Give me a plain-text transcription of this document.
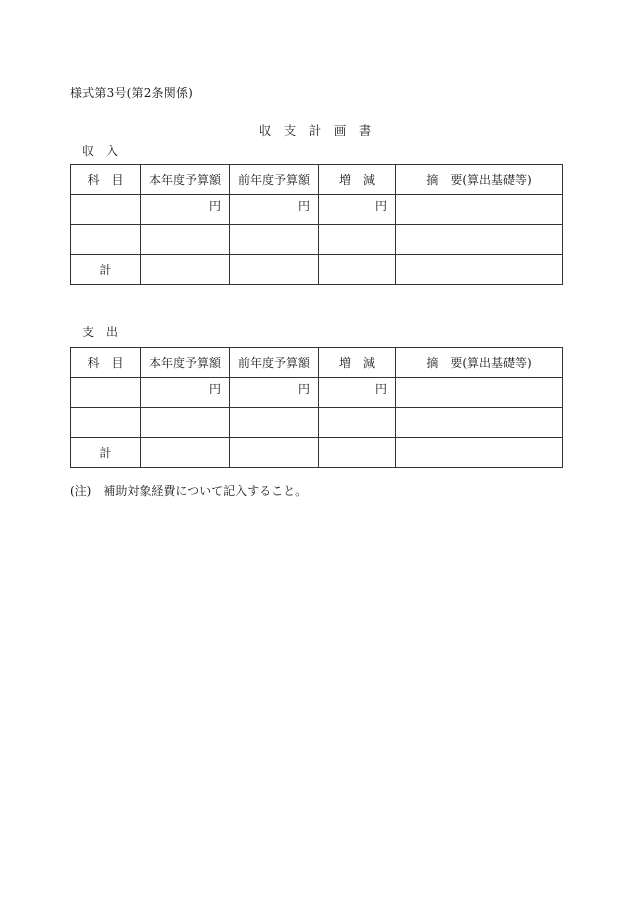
様式第3号(第2条関係)
収　支　計　画　書
収　入
科　目	本年度予算額	前年度予算額	増　減	摘　要(算出基礎等)
	円	円	円	

計				
支　出
科　目	本年度予算額	前年度予算額	増　減	摘　要(算出基礎等)
	円	円	円	

計				
(注) 補助対象経費について記入すること。
